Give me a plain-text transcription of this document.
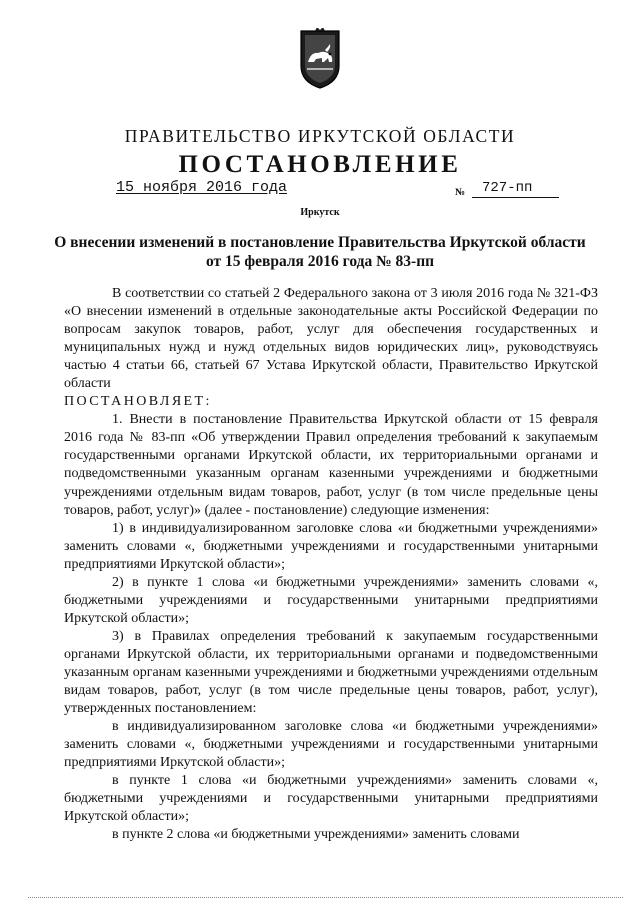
ПРАВИТЕЛЬСТВО ИРКУТСКОЙ ОБЛАСТИ
ПОСТАНОВЛЕНИЕ
15 ноября 2016 года	№	727-пп
Иркутск
О внесении изменений в постановление Правительства Иркутской области
от 15 февраля 2016 года № 83-пп

В соответствии со статьей 2 Федерального закона от 3 июля 2016 года № 321-ФЗ «О внесении изменений в отдельные законодательные акты Российской Федерации по вопросам закупок товаров, работ, услуг для обеспечения государственных и муниципальных нужд и нужд отдельных видов юридических лиц», руководствуясь частью 4 статьи 66, статьей 67 Устава Иркутской области, Правительство Иркутской области

ПОСТАНОВЛЯЕТ:

1. Внести в постановление Правительства Иркутской области от 15 февраля 2016 года № 83-пп «Об утверждении Правил определения требований к закупаемым государственными органами Иркутской области, их территориальными органами и подведомственными указанным органам казенными учреждениями и бюджетными учреждениями отдельным видам товаров, работ, услуг (в том числе предельные цены товаров, работ, услуг)» (далее - постановление) следующие изменения:

1) в индивидуализированном заголовке слова «и бюджетными учреждениями» заменить словами «, бюджетными учреждениями и государственными унитарными предприятиями Иркутской области»;

2) в пункте 1 слова «и бюджетными учреждениями» заменить словами «, бюджетными учреждениями и государственными унитарными предприятиями Иркутской области»;

3) в Правилах определения требований к закупаемым государственными органами Иркутской области, их территориальными органами и подведомственными указанным органам казенными учреждениями и бюджетными учреждениями отдельным видам товаров, работ, услуг (в том числе предельные цены товаров, работ, услуг), утвержденных постановлением:

в индивидуализированном заголовке слова «и бюджетными учреждениями» заменить словами «, бюджетными учреждениями и государственными унитарными предприятиями Иркутской области»;

в пункте 1 слова «и бюджетными учреждениями» заменить словами «, бюджетными учреждениями и государственными унитарными предприятиями Иркутской области»;

в пункте 2 слова «и бюджетными учреждениями» заменить словами
